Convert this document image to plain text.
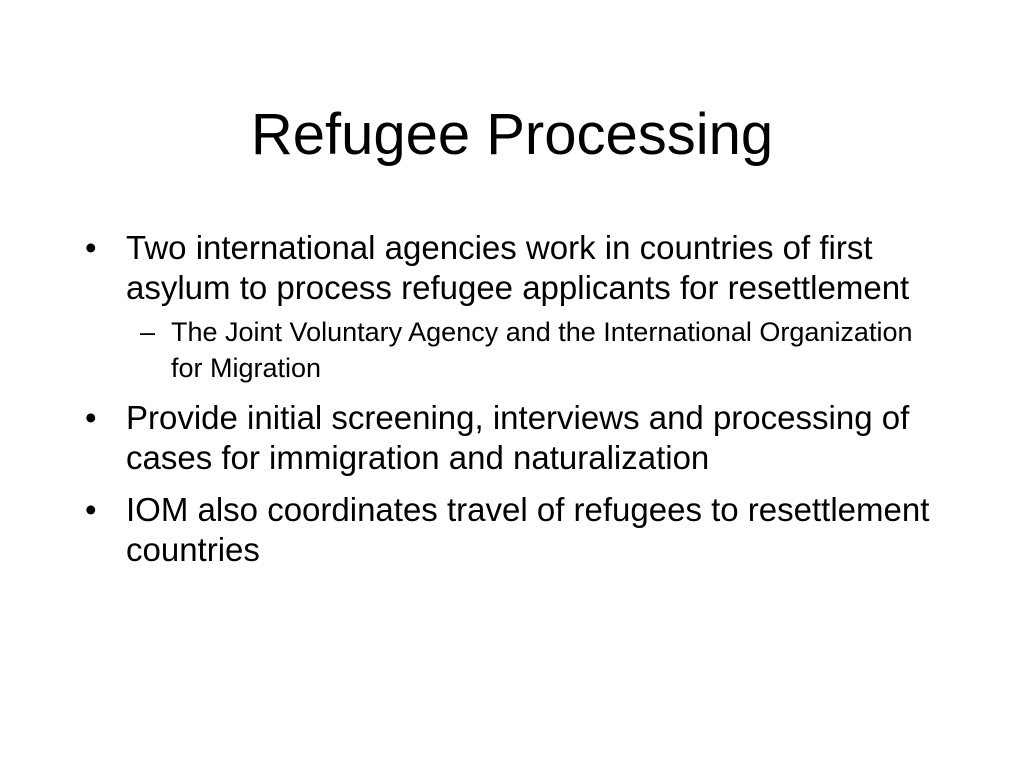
Refugee Processing
• Two international agencies work in countries of first asylum to process refugee applicants for resettlement
– The Joint Voluntary Agency and the International Organization for Migration
• Provide initial screening, interviews and processing of cases for immigration and naturalization
• IOM also coordinates travel of refugees to resettlement countries
